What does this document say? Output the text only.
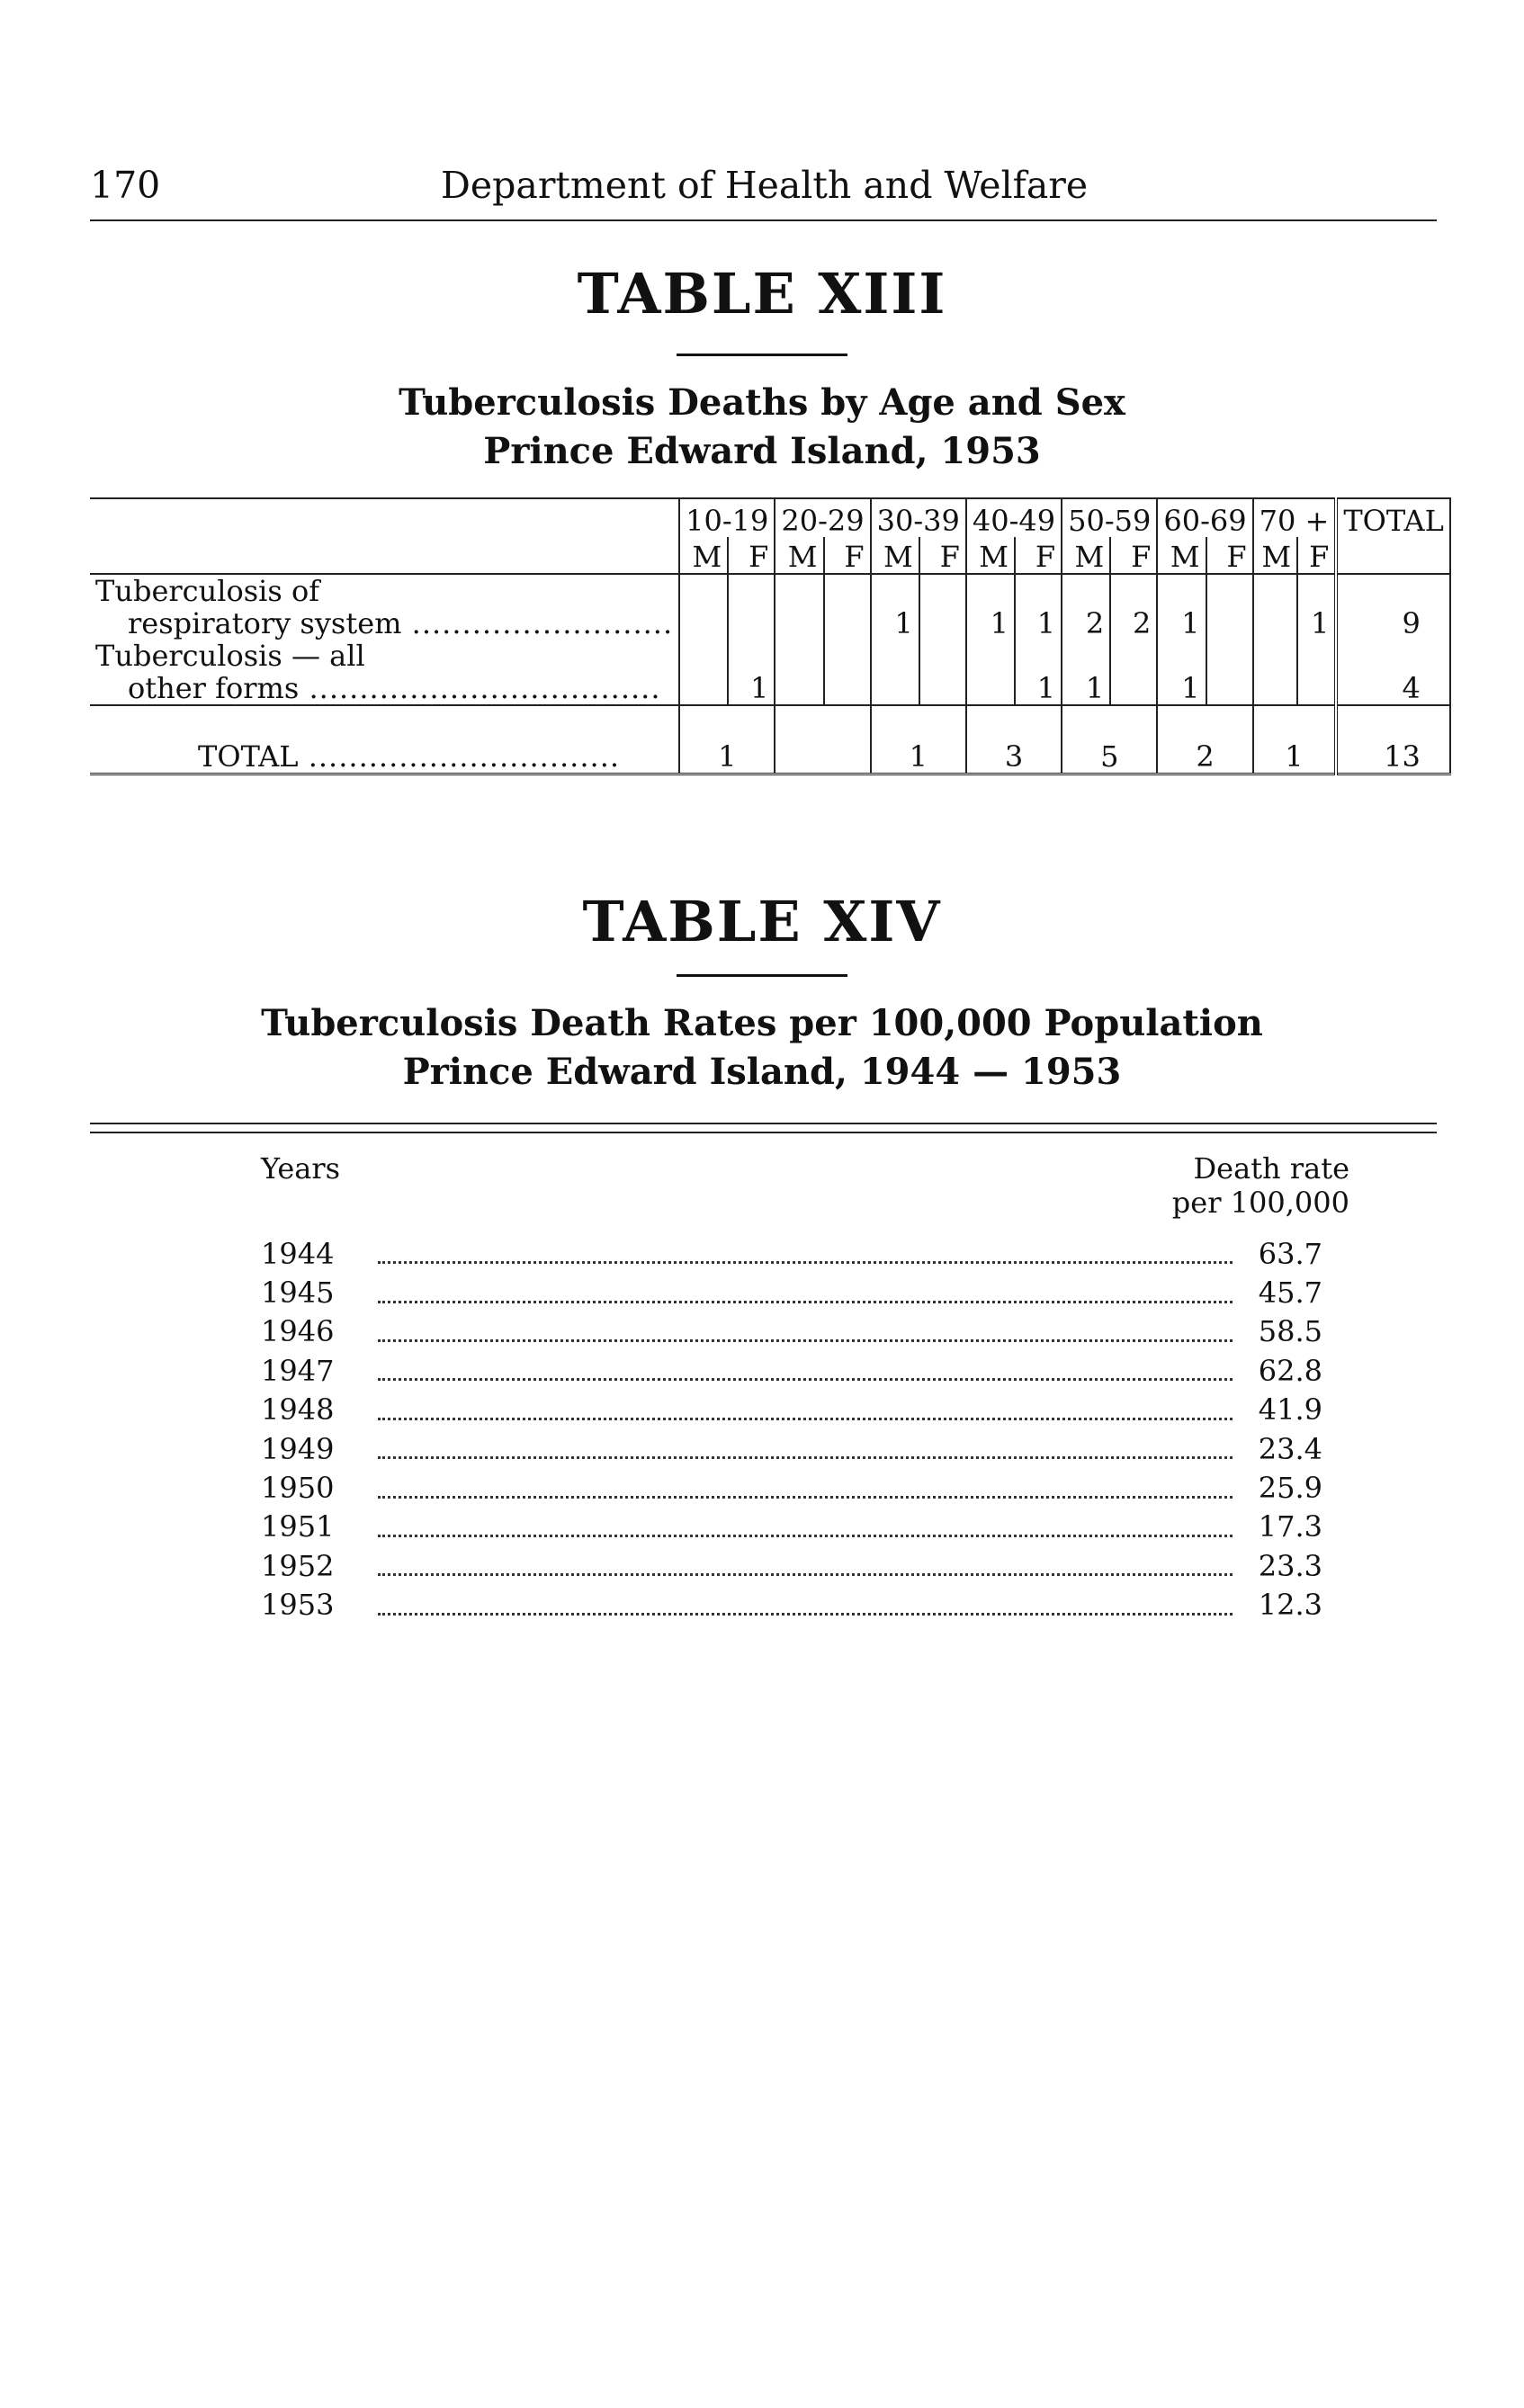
170	Department of Health and Welfare
TABLE XIII
Tuberculosis Deaths by Age and Sex
Prince Edward Island, 1953
	10-19		20-29		30-39		40-49		50-59		60-69		70 +		TOTAL
	M	F	M	F	M	F	M	F	M	F	M	F	M	F	

Tuberculosis of
respiratory system ..........................					1		1	1	2	2	1			1	9

Tuberculosis — all
other forms ...................................		1						1	1		1				4

TOTAL ...............................	1				1		3		5		2		1		13
TABLE XIV
Tuberculosis Death Rates per 100,000 Population
Prince Edward Island, 1944 — 1953
Years	Death rate
per 100,000
1944		63.7
1945		45.7
1946		58.5
1947		62.8
1948		41.9
1949		23.4
1950		25.9
1951		17.3
1952		23.3
1953		12.3
